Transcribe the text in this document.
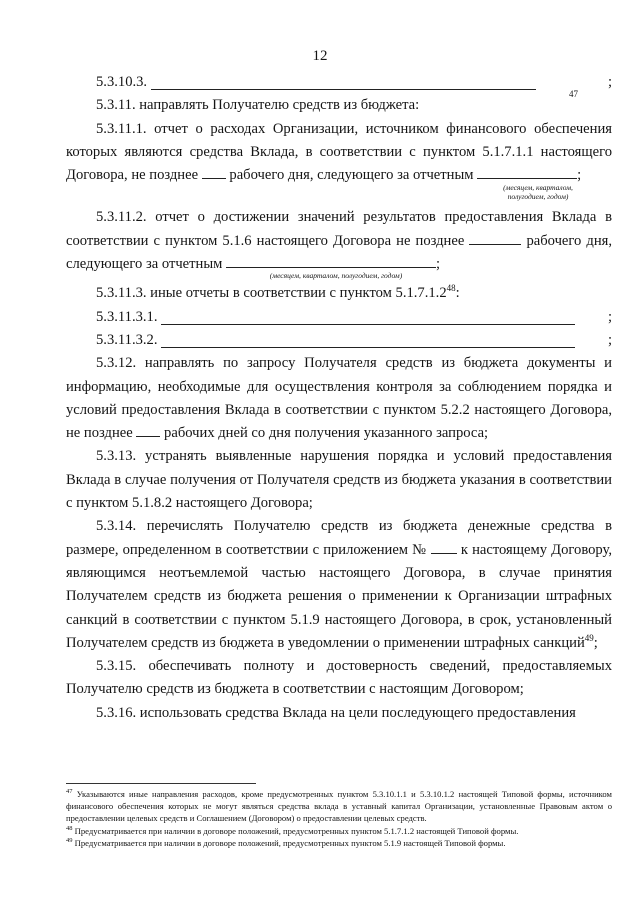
12
5.3.10.3.
47
;

5.3.11. направлять Получателю средств из бюджета:

5.3.11.1. отчет о расходах Организации, источником финансового обеспечения которых являются средства Вклада, в соответствии с пунктом 5.1.7.1.1 настоящего Договора, не позднее рабочего дня, следующего за отчетным	;

(месяцем, кварталом, полугодием, годом)

5.3.11.2. отчет о достижении значений результатов предоставления Вклада в соответствии с пунктом 5.1.6 настоящего Договора не позднее	рабочего дня, следующего за отчетным	;

(месяцем, кварталом, полугодием, годом)

5.3.11.3. иные отчеты в соответствии с пунктом 5.1.7.1.2$^{48}$:

5.3.11.3.1.	;
5.3.11.3.2.	;

5.3.12. направлять по запросу Получателя средств из бюджета документы и информацию, необходимые для осуществления контроля за соблюдением порядка и условий предоставления Вклада в соответствии с пунктом 5.2.2 настоящего Договора, не позднее рабочих дней со дня получения указанного запроса;

5.3.13. устранять выявленные нарушения порядка и условий предоставления Вклада в случае получения от Получателя средств из бюджета указания в соответствии с пунктом 5.1.8.2 настоящего Договора;

5.3.14. перечислять Получателю средств из бюджета денежные средства в размере, определенном в соответствии с приложением № к настоящему Договору, являющимся неотъемлемой частью настоящего Договора, в случае принятия Получателем средств из бюджета решения о применении к Организации штрафных санкций в соответствии с пунктом 5.1.9 настоящего Договора, в срок, установленный Получателем средств из бюджета в уведомлении о применении штрафных санкций$^{49}$;

5.3.15. обеспечивать полноту и достоверность сведений, предоставляемых Получателю средств из бюджета в соответствии с настоящим Договором;

5.3.16. использовать средства Вклада на цели последующего предоставления

$^{47}$ Указываются иные направления расходов, кроме предусмотренных пунктом 5.3.10.1.1 и 5.3.10.1.2 настоящей Типовой формы, источником финансового обеспечения которых не могут являться средства вклада в уставный капитал Организации, установленные Правовым актом о предоставлении целевых средств и Соглашением (Договором) о предоставлении целевых средств.
$^{48}$ Предусматривается при наличии в договоре положений, предусмотренных пунктом 5.1.7.1.2 настоящей Типовой формы.
$^{49}$ Предусматривается при наличии в договоре положений, предусмотренных пунктом 5.1.9 настоящей Типовой формы.
